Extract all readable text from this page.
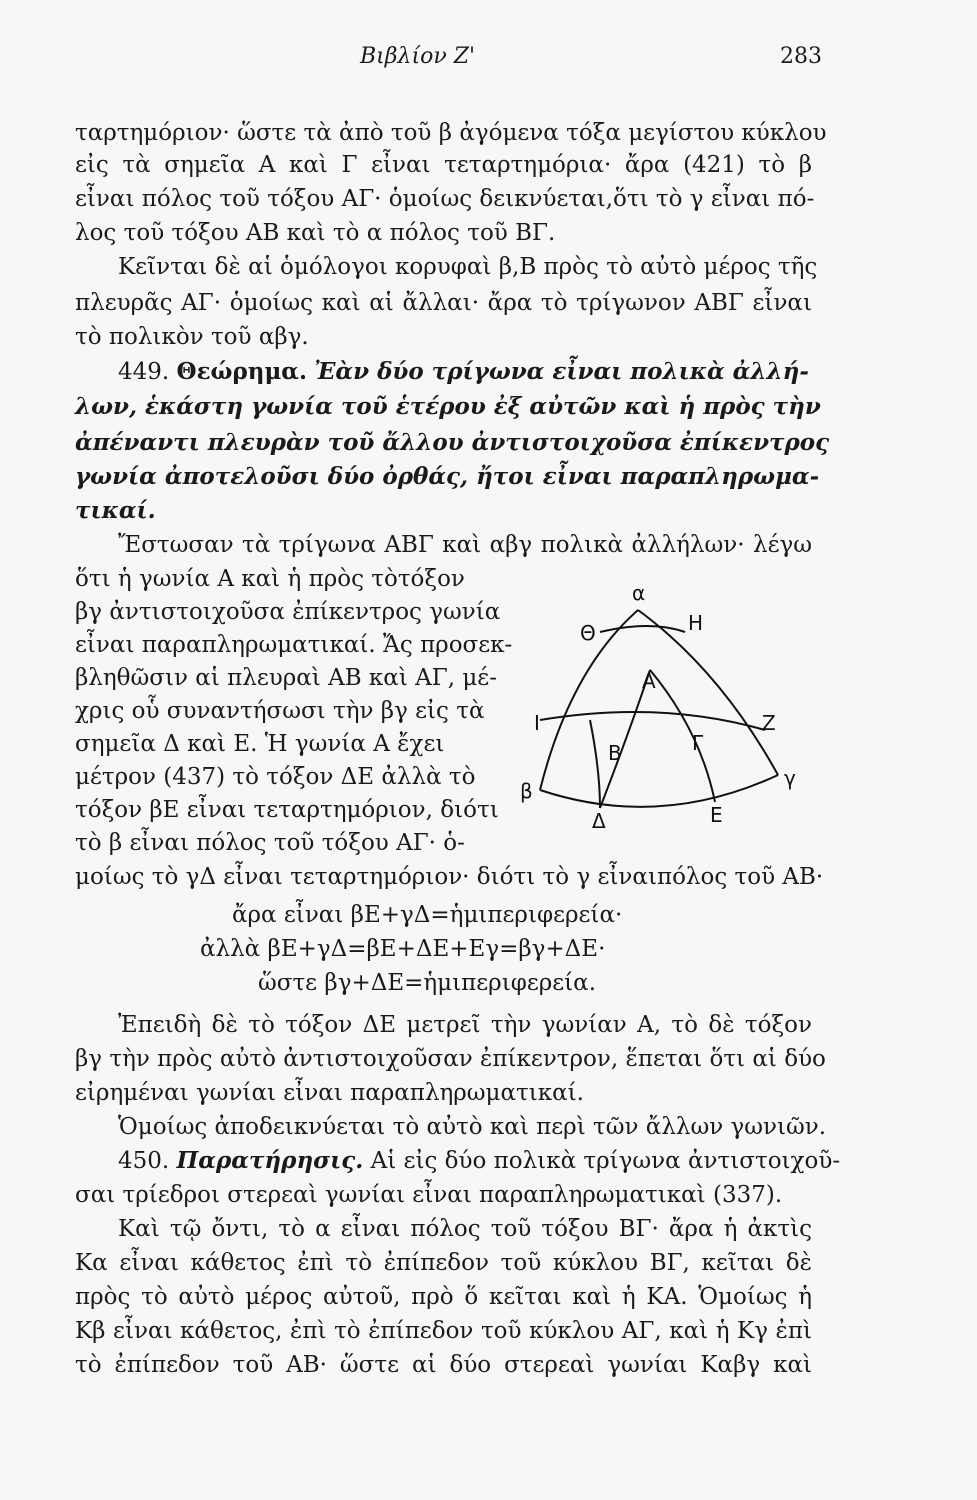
Βιβλίον Ζ'	283
ταρτημόριον· ὥστε τὰ ἀπὸ τοῦ β ἀγόμενα τόξα μεγίστου κύκλου
εἰς τὰ σημεῖα Α καὶ Γ εἶναι τεταρτημόρια· ἄρα (421) τὸ β
εἶναι πόλος τοῦ τόξου ΑΓ· ὁμοίως δεικνύεται,ὅτι τὸ γ εἶναι πό-
λος τοῦ τόξου ΑΒ καὶ τὸ α πόλος τοῦ ΒΓ.
Κεῖνται δὲ αἱ ὁμόλογοι κορυφαὶ β,Β πρὸς τὸ αὐτὸ μέρος τῆς
πλευρᾶς ΑΓ· ὁμοίως καὶ αἱ ἄλλαι· ἄρα τὸ τρίγωνον ΑΒΓ εἶναι
τὸ πολικὸν τοῦ αβγ.
449. Θεώρημα. Ἐὰν δύο τρίγωνα εἶναι πολικὰ ἀλλή-
λων, ἑκάστη γωνία τοῦ ἑτέρου ἐξ αὐτῶν καὶ ἡ πρὸς τὴν
ἀπέναντι πλευρὰν τοῦ ἄλλου ἀντιστοιχοῦσα ἐπίκεντρος
γωνία ἀποτελοῦσι δύο ὀρθάς, ἤτοι εἶναι παραπληρωμα-
τικαί.
Ἔστωσαν τὰ τρίγωνα ΑΒΓ καὶ αβγ πολικὰ ἀλλήλων· λέγω
ὅτι ἡ γωνία Α καὶ ἡ πρὸς τὸτόξον
βγ ἀντιστοιχοῦσα ἐπίκεντρος γωνία
εἶναι παραπληρωματικαί. Ἄς προσεκ-
βληθῶσιν αἱ πλευραὶ ΑΒ καὶ ΑΓ, μέ-
χρις οὗ συναντήσωσι τὴν βγ εἰς τὰ
σημεῖα Δ καὶ Ε. Ἡ γωνία Α ἔχει
μέτρον (437) τὸ τόξον ΔΕ ἀλλὰ τὸ
τόξον βΕ εἶναι τεταρτημόριον, διότι
τὸ β εἶναι πόλος τοῦ τόξου ΑΓ· ὁ-
μοίως τὸ γΔ εἶναι τεταρτημόριον· διότι τὸ γ εἶναιπόλος τοῦ ΑΒ·
ἄρα εἶναι βΕ+γΔ=ἡμιπεριφερεία·
ἀλλὰ βΕ+γΔ=βΕ+ΔΕ+Εγ=βγ+ΔΕ·
ὥστε βγ+ΔΕ=ἡμιπεριφερεία.
Ἐπειδὴ δὲ τὸ τόξον ΔΕ μετρεῖ τὴν γωνίαν Α, τὸ δὲ τόξον
βγ τὴν πρὸς αὐτὸ ἀντιστοιχοῦσαν ἐπίκεντρον, ἕπεται ὅτι αἱ δύο
εἰρημέναι γωνίαι εἶναι παραπληρωματικαί.
Ὁμοίως ἀποδεικνύεται τὸ αὐτὸ καὶ περὶ τῶν ἄλλων γωνιῶν.
450. Παρατήρησις. Αἱ εἰς δύο πολικὰ τρίγωνα ἀντιστοιχοῦ-
σαι τρίεδροι στερεαὶ γωνίαι εἶναι παραπληρωματικαὶ (337).
Καὶ τῷ ὄντι, τὸ α εἶναι πόλος τοῦ τόξου ΒΓ· ἄρα ἡ ἀκτὶς
Κα εἶναι κάθετος ἐπὶ τὸ ἐπίπεδον τοῦ κύκλου ΒΓ, κεῖται δὲ
πρὸς τὸ αὐτὸ μέρος αὐτοῦ, πρὸ ὅ κεῖται καὶ ἡ ΚΑ. Ὁμοίως ἡ
Κβ εἶναι κάθετος, ἐπὶ τὸ ἐπίπεδον τοῦ κύκλου ΑΓ, καὶ ἡ Κγ ἐπὶ
τὸ ἐπίπεδον τοῦ ΑΒ· ὥστε αἱ δύο στερεαὶ γωνίαι Καβγ καὶ
α
Θ	Η
Α
Ι	Ζ
Β	Γ
γ
β
Ε
Δ
